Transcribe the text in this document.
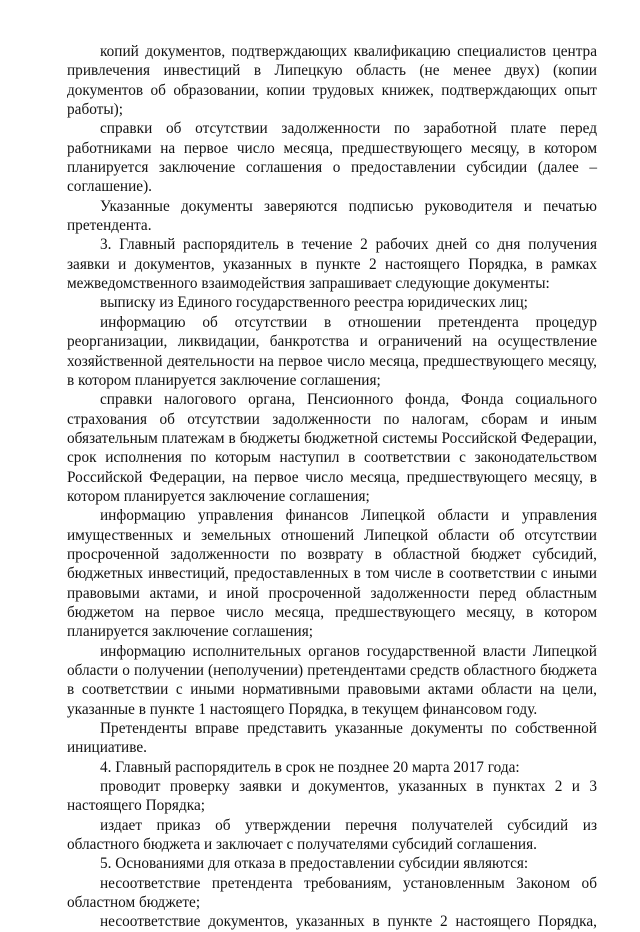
копий документов, подтверждающих квалификацию специалистов центра привлечения инвестиций в Липецкую область (не менее двух) (копии документов об образовании, копии трудовых книжек, подтверждающих опыт работы);

справки об отсутствии задолженности по заработной плате перед работниками на первое число месяца, предшествующего месяцу, в котором планируется заключение соглашения о предоставлении субсидии (далее – соглашение).

Указанные документы заверяются подписью руководителя и печатью претендента.

3. Главный распорядитель в течение 2 рабочих дней со дня получения заявки и документов, указанных в пункте 2 настоящего Порядка, в рамках межведомственного взаимодействия запрашивает следующие документы:

выписку из Единого государственного реестра юридических лиц;

информацию об отсутствии в отношении претендента процедур реорганизации, ликвидации, банкротства и ограничений на осуществление хозяйственной деятельности на первое число месяца, предшествующего месяцу, в котором планируется заключение соглашения;

справки налогового органа, Пенсионного фонда, Фонда социального страхования об отсутствии задолженности по налогам, сборам и иным обязательным платежам в бюджеты бюджетной системы Российской Федерации, срок исполнения по которым наступил в соответствии с законодательством Российской Федерации, на первое число месяца, предшествующего месяцу, в котором планируется заключение соглашения;

информацию управления финансов Липецкой области и управления имущественных и земельных отношений Липецкой области об отсутствии просроченной задолженности по возврату в областной бюджет субсидий, бюджетных инвестиций, предоставленных в том числе в соответствии с иными правовыми актами, и иной просроченной задолженности перед областным бюджетом на первое число месяца, предшествующего месяцу, в котором планируется заключение соглашения;

информацию исполнительных органов государственной власти Липецкой области о получении (неполучении) претендентами средств областного бюджета в соответствии с иными нормативными правовыми актами области на цели, указанные в пункте 1 настоящего Порядка, в текущем финансовом году.

Претенденты вправе представить указанные документы по собственной инициативе.

4. Главный распорядитель в срок не позднее 20 марта 2017 года:

проводит проверку заявки и документов, указанных в пунктах 2 и 3 настоящего Порядка;

издает приказ об утверждении перечня получателей субсидий из областного бюджета и заключает с получателями субсидий соглашения.

5. Основаниями для отказа в предоставлении субсидии являются:

несоответствие претендента требованиям, установленным Законом об областном бюджете;

несоответствие документов, указанных в пункте 2 настоящего Порядка,
